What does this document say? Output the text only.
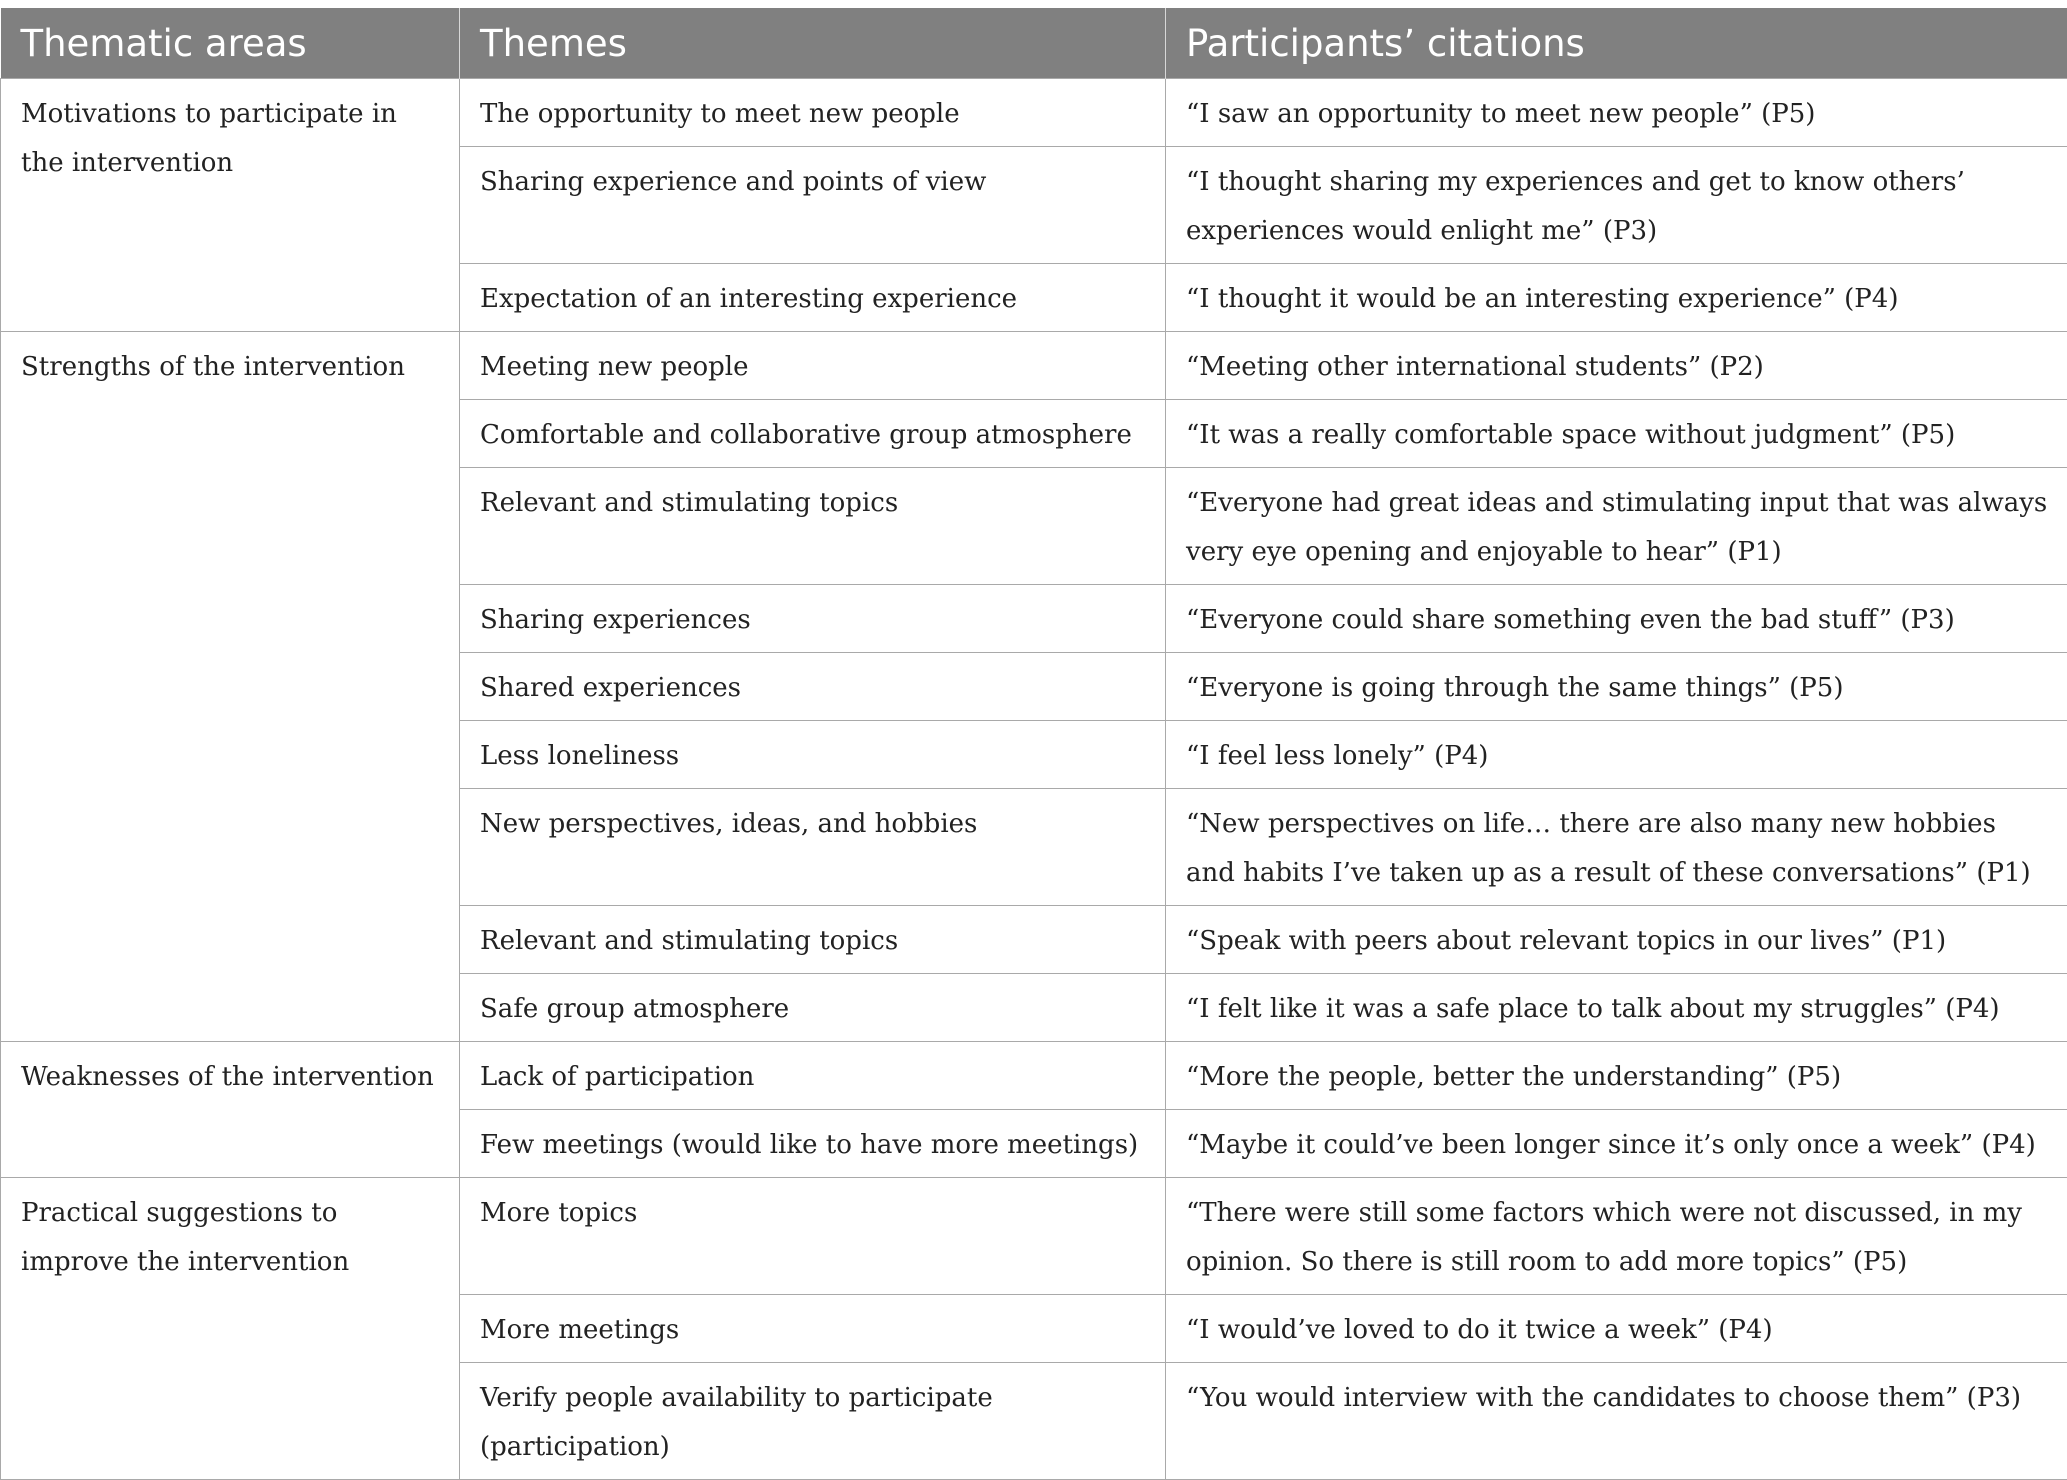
Thematic areas	Themes	Participants’ citations
Motivations to participate in the intervention	The opportunity to meet new people	“I saw an opportunity to meet new people” (P5)
	Sharing experience and points of view	“I thought sharing my experiences and get to know others’ experiences would enlight me” (P3)
	Expectation of an interesting experience	“I thought it would be an interesting experience” (P4)
Strengths of the intervention	Meeting new people	“Meeting other international students” (P2)
	Comfortable and collaborative group atmosphere	“It was a really comfortable space without judgment” (P5)
	Relevant and stimulating topics	“Everyone had great ideas and stimulating input that was always very eye opening and enjoyable to hear” (P1)
	Sharing experiences	“Everyone could share something even the bad stuff” (P3)
	Shared experiences	“Everyone is going through the same things” (P5)
	Less loneliness	“I feel less lonely” (P4)
	New perspectives, ideas, and hobbies	“New perspectives on life… there are also many new hobbies and habits I’ve taken up as a result of these conversations” (P1)
	Relevant and stimulating topics	“Speak with peers about relevant topics in our lives” (P1)
	Safe group atmosphere	“I felt like it was a safe place to talk about my struggles” (P4)
Weaknesses of the intervention	Lack of participation	“More the people, better the understanding” (P5)
	Few meetings (would like to have more meetings)	“Maybe it could’ve been longer since it’s only once a week” (P4)
Practical suggestions to improve the intervention	More topics	“There were still some factors which were not discussed, in my opinion. So there is still room to add more topics” (P5)
	More meetings	“I would’ve loved to do it twice a week” (P4)
	Verify people availability to participate (participation)	“You would interview with the candidates to choose them” (P3)
